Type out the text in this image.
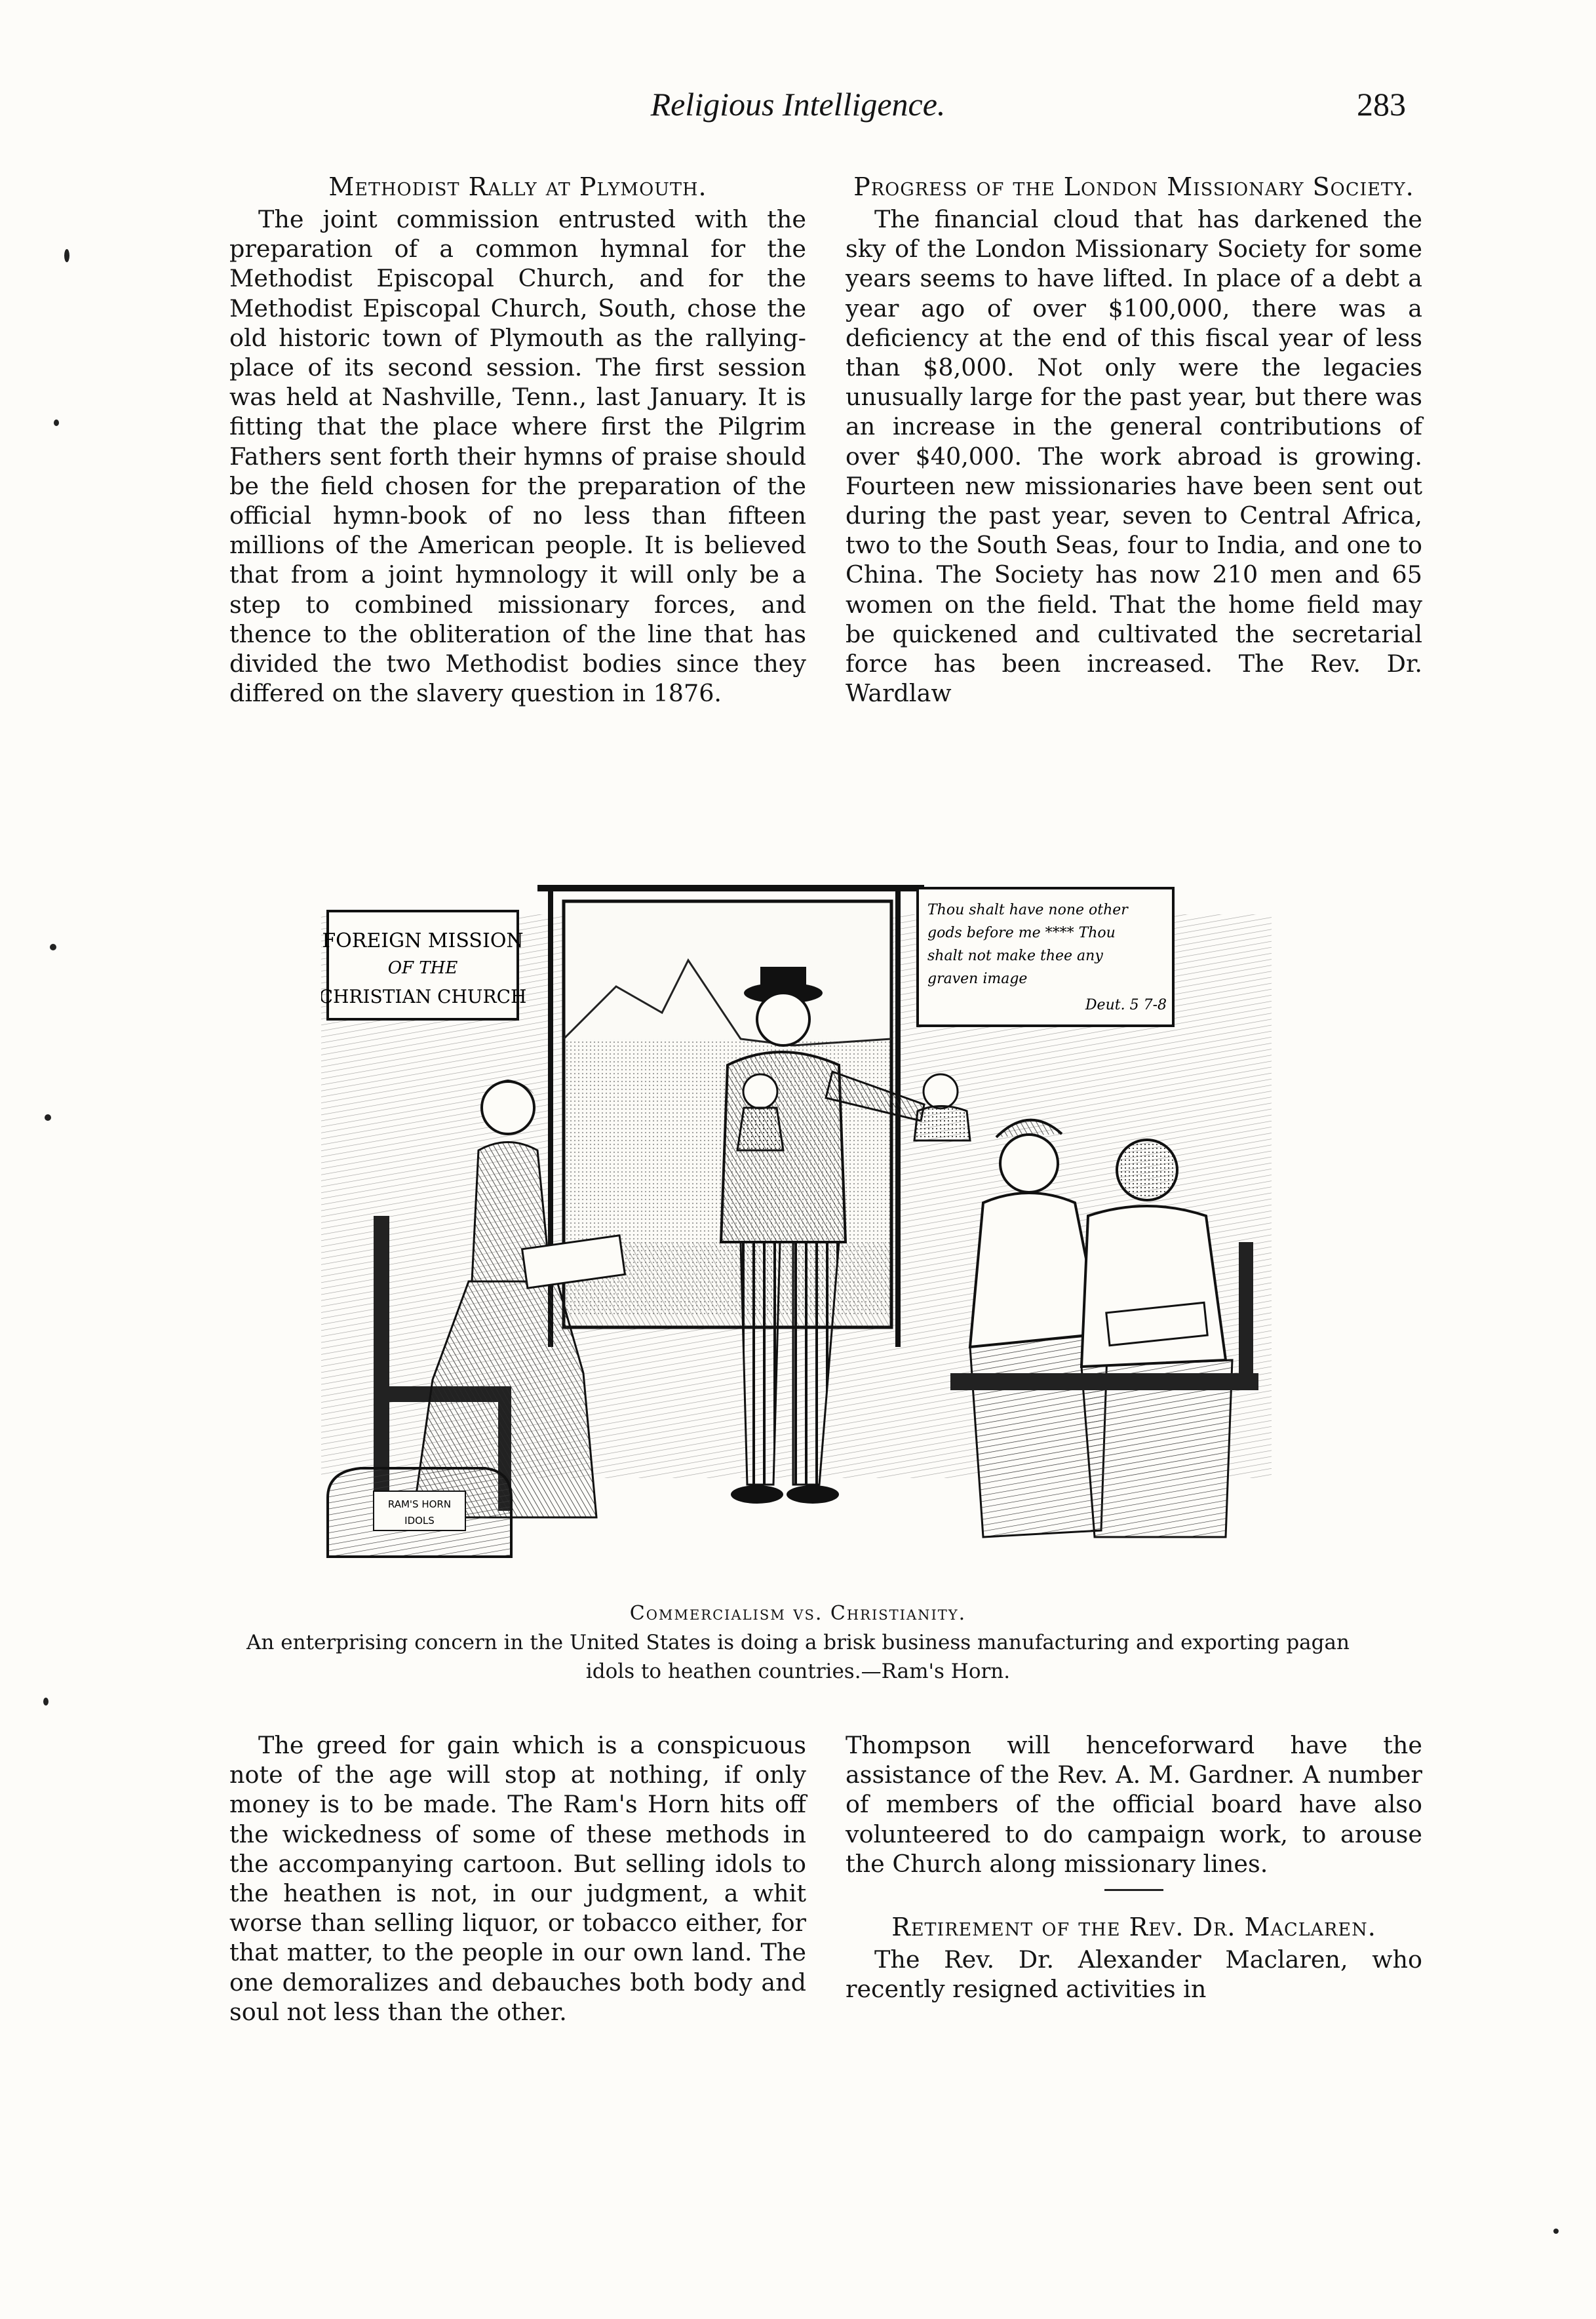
Religious Intelligence.	283
Methodist Rally at Plymouth.

The joint commission entrusted with the preparation of a common hymnal for the Methodist Episcopal Church, and for the Methodist Episcopal Church, South, chose the old historic town of Plymouth as the rallying-place of its second session. The first session was held at Nashville, Tenn., last January. It is fitting that the place where first the Pilgrim Fathers sent forth their hymns of praise should be the field chosen for the preparation of the official hymn-book of no less than fifteen millions of the American people. It is believed that from a joint hymnology it will only be a step to combined missionary forces, and thence to the obliteration of the line that has divided the two Methodist bodies since they differed on the slavery question in 1876.

Progress of the London Missionary Society.

The financial cloud that has darkened the sky of the London Missionary Society for some years seems to have lifted. In place of a debt a year ago of over $100,000, there was a deficiency at the end of this fiscal year of less than $8,000. Not only were the legacies unusually large for the past year, but there was an increase in the general contributions of over $40,000. The work abroad is growing. Fourteen new missionaries have been sent out during the past year, seven to Central Africa, two to the South Seas, four to India, and one to China. The Society has now 210 men and 65 women on the field. That the home field may be quickened and cultivated the secretarial force has been increased. The Rev. Dr. Wardlaw

FOREIGN MISSION
OF THE
CHRISTIAN CHURCH
Thou shalt have none other
gods before me **** Thou
shalt not make thee any
graven image
Deut. 5 7-8
RAM'S HORN
IDOLS
Commercialism vs. Christianity.
An enterprising concern in the United States is doing a brisk business manufacturing and exporting pagan idols to heathen countries.—Ram's Horn.

The greed for gain which is a conspicuous note of the age will stop at nothing, if only money is to be made. The Ram's Horn hits off the wickedness of some of these methods in the accompanying cartoon. But selling idols to the heathen is not, in our judgment, a whit worse than selling liquor, or tobacco either, for that matter, to the people in our own land. The one demoralizes and debauches both body and soul not less than the other.

Thompson will henceforward have the assistance of the Rev. A. M. Gardner. A number of members of the official board have also volunteered to do campaign work, to arouse the Church along missionary lines.

Retirement of the Rev. Dr. Maclaren.

The Rev. Dr. Alexander Maclaren, who recently resigned activities in
